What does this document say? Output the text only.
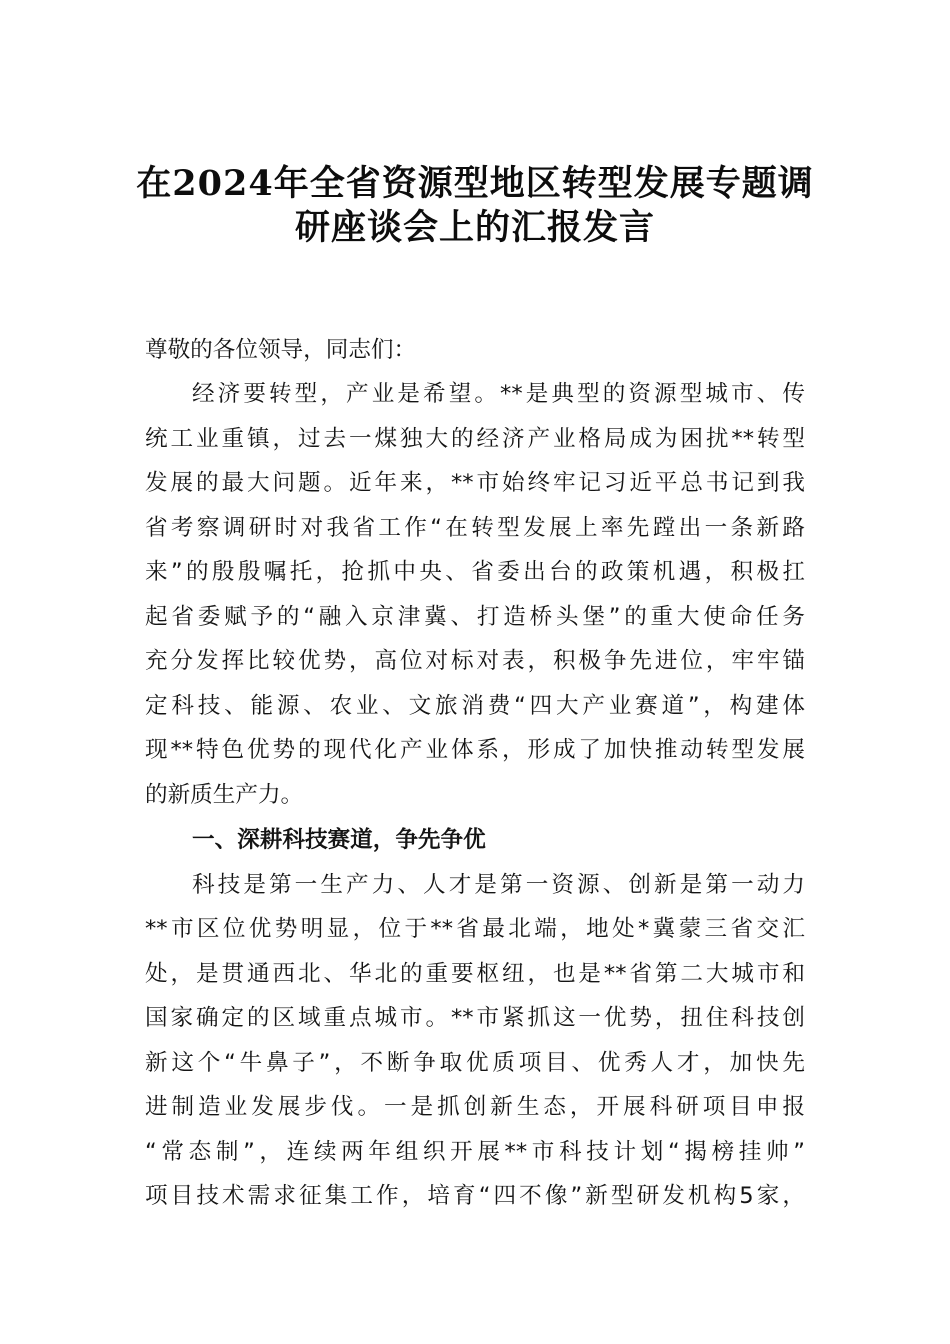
在2024年全省资源型地区转型发展专题调
研座谈会上的汇报发言
尊敬的各位领导，同志们：
经济要转型，产业是希望。**是典型的资源型城市、传
统工业重镇，过去一煤独大的经济产业格局成为困扰**转型
发展的最大问题。近年来，**市始终牢记习近平总书记到我
省考察调研时对我省工作“在转型发展上率先蹚出一条新路
来”的殷殷嘱托，抢抓中央、省委出台的政策机遇，积极扛
起省委赋予的“融入京津冀、打造桥头堡”的重大使命任务
充分发挥比较优势，高位对标对表，积极争先进位，牢牢锚
定科技、能源、农业、文旅消费“四大产业赛道”，构建体
现**特色优势的现代化产业体系，形成了加快推动转型发展
的新质生产力。
一、深耕科技赛道，争先争优
科技是第一生产力、人才是第一资源、创新是第一动力
**市区位优势明显，位于**省最北端，地处*冀蒙三省交汇
处，是贯通西北、华北的重要枢纽，也是**省第二大城市和
国家确定的区域重点城市。**市紧抓这一优势，扭住科技创
新这个“牛鼻子”，不断争取优质项目、优秀人才，加快先
进制造业发展步伐。一是抓创新生态，开展科研项目申报
“常态制”，连续两年组织开展**市科技计划“揭榜挂帅”
项目技术需求征集工作，培育“四不像”新型研发机构5家，
